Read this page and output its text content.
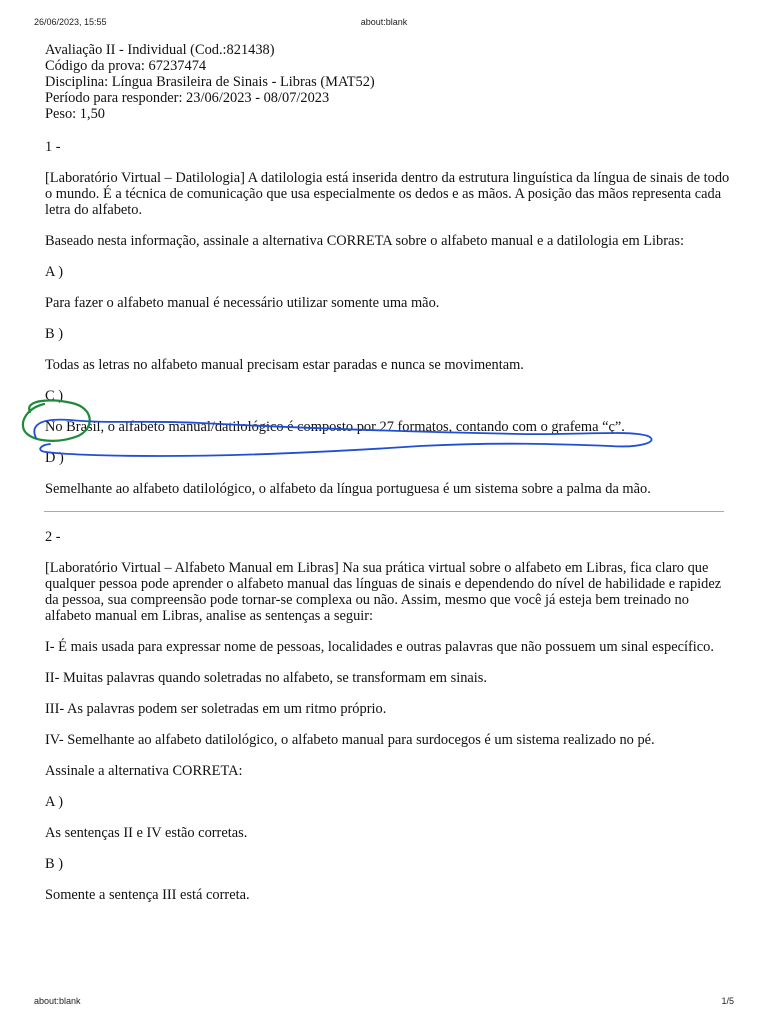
26/06/2023, 15:55	about:blank
Avaliação II - Individual (Cod.:821438)
Código da prova: 67237474
Disciplina: Língua Brasileira de Sinais - Libras (MAT52)
Período para responder: 23/06/2023 - 08/07/2023
Peso: 1,50

1 -

[Laboratório Virtual – Datilologia] A datilologia está inserida dentro da estrutura linguística da língua de sinais de todo o mundo. É a técnica de comunicação que usa especialmente os dedos e as mãos. A posição das mãos representa cada letra do alfabeto.

Baseado nesta informação, assinale a alternativa CORRETA sobre o alfabeto manual e a datilologia em Libras:

A )

Para fazer o alfabeto manual é necessário utilizar somente uma mão.

B )

Todas as letras no alfabeto manual precisam estar paradas e nunca se movimentam.

C )

No Brasil, o alfabeto manual/datilológico é composto por 27 formatos, contando com o grafema “ç”.

D )

Semelhante ao alfabeto datilológico, o alfabeto da língua portuguesa é um sistema sobre a palma da mão.

2 -

[Laboratório Virtual – Alfabeto Manual em Libras] Na sua prática virtual sobre o alfabeto em Libras, fica claro que qualquer pessoa pode aprender o alfabeto manual das línguas de sinais e dependendo do nível de habilidade e rapidez da pessoa, sua compreensão pode tornar-se complexa ou não. Assim, mesmo que você já esteja bem treinado no alfabeto manual em Libras, analise as sentenças a seguir:

I- É mais usada para expressar nome de pessoas, localidades e outras palavras que não possuem um sinal específico.

II- Muitas palavras quando soletradas no alfabeto, se transformam em sinais.

III- As palavras podem ser soletradas em um ritmo próprio.

IV- Semelhante ao alfabeto datilológico, o alfabeto manual para surdocegos é um sistema realizado no pé.

Assinale a alternativa CORRETA:

A )

As sentenças II e IV estão corretas.

B )

Somente a sentença III está correta.

about:blank	1/5
